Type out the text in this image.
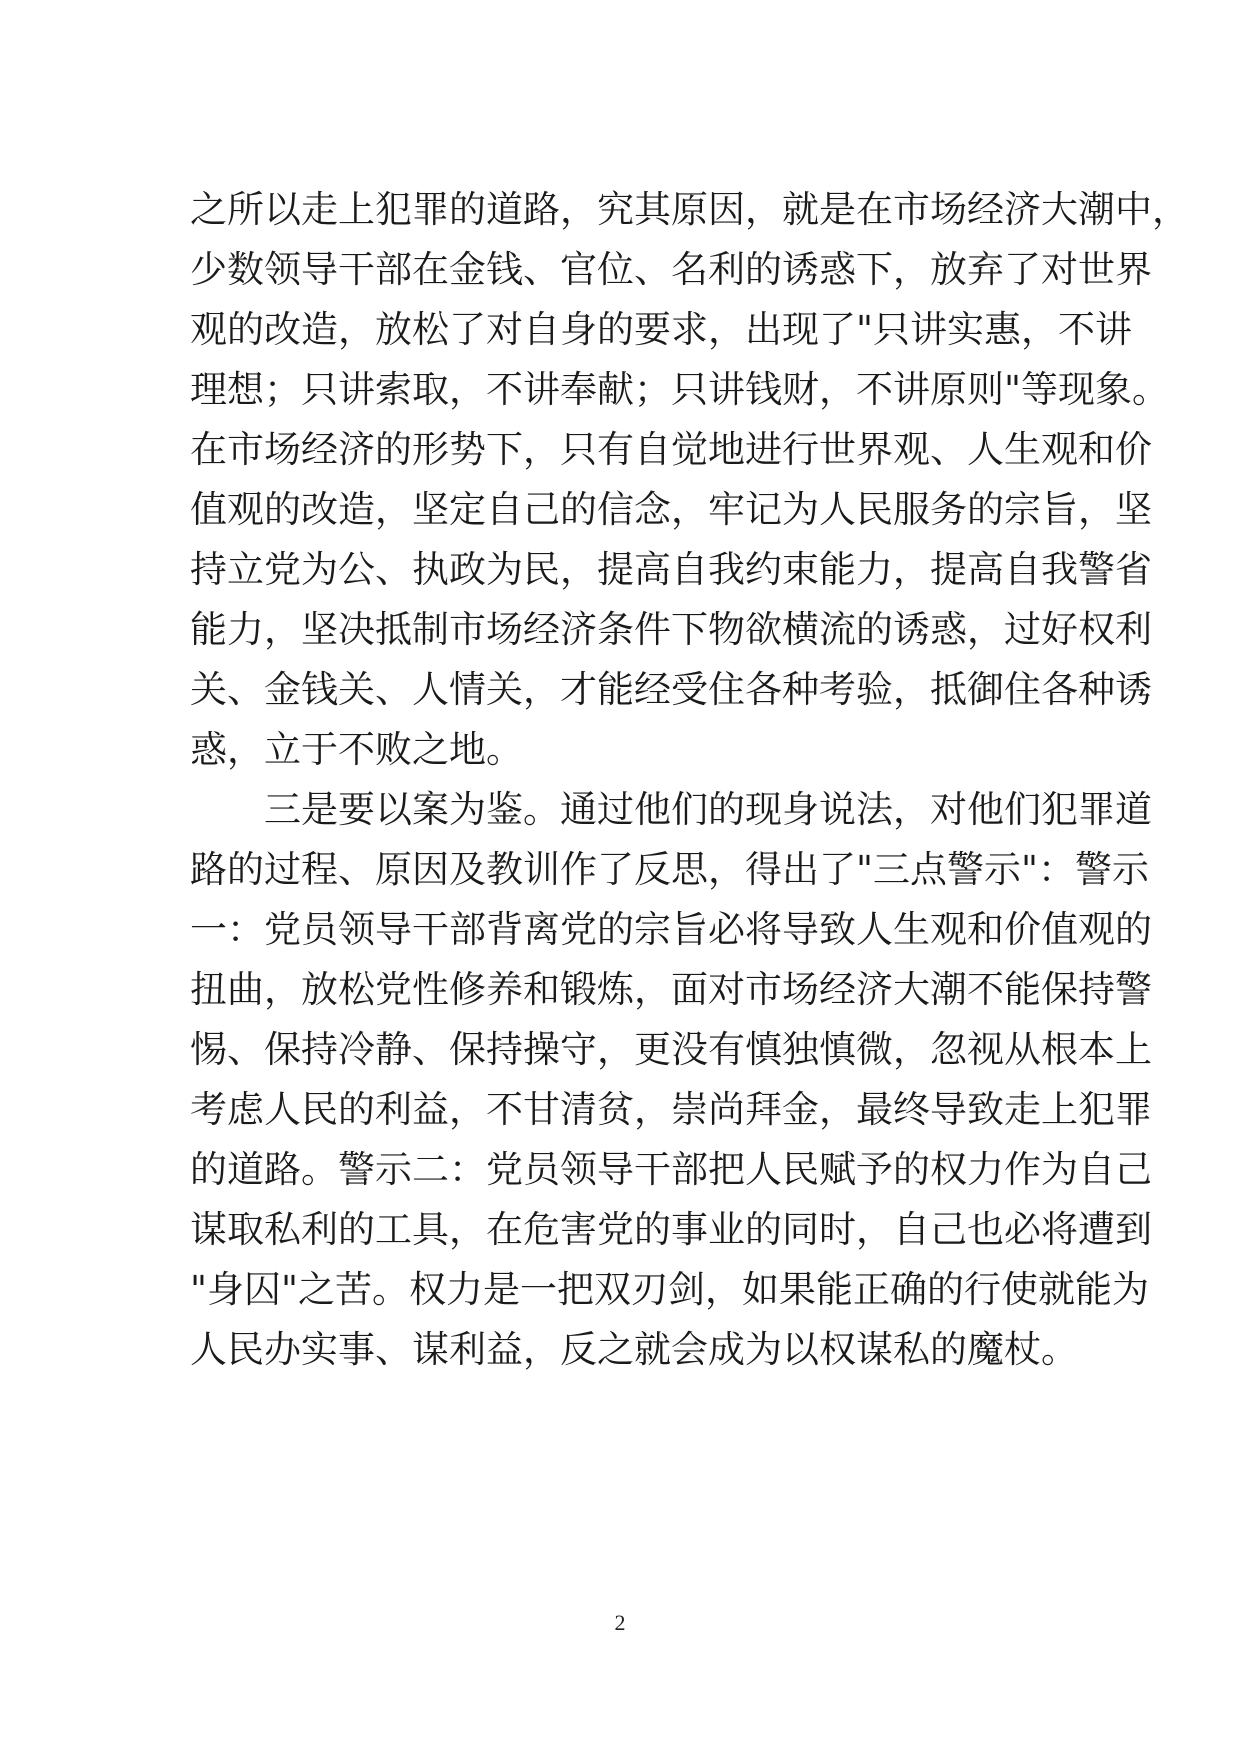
之所以走上犯罪的道路，究其原因，就是在市场经济大潮中，
少数领导干部在金钱、官位、名利的诱惑下，放弃了对世界
观的改造，放松了对自身的要求，出现了"只讲实惠，不讲
理想；只讲索取，不讲奉献；只讲钱财，不讲原则"等现象。
在市场经济的形势下，只有自觉地进行世界观、人生观和价
值观的改造，坚定自己的信念，牢记为人民服务的宗旨，坚
持立党为公、执政为民，提高自我约束能力，提高自我警省
能力，坚决抵制市场经济条件下物欲横流的诱惑，过好权利
关、金钱关、人情关，才能经受住各种考验，抵御住各种诱
惑，立于不败之地。
三是要以案为鉴。通过他们的现身说法，对他们犯罪道
路的过程、原因及教训作了反思，得出了"三点警示"：警示
一：党员领导干部背离党的宗旨必将导致人生观和价值观的
扭曲，放松党性修养和锻炼，面对市场经济大潮不能保持警
惕、保持冷静、保持操守，更没有慎独慎微，忽视从根本上
考虑人民的利益，不甘清贫，崇尚拜金，最终导致走上犯罪
的道路。警示二：党员领导干部把人民赋予的权力作为自己
谋取私利的工具，在危害党的事业的同时，自己也必将遭到
"身囚"之苦。权力是一把双刃剑，如果能正确的行使就能为
人民办实事、谋利益，反之就会成为以权谋私的魔杖。
2
